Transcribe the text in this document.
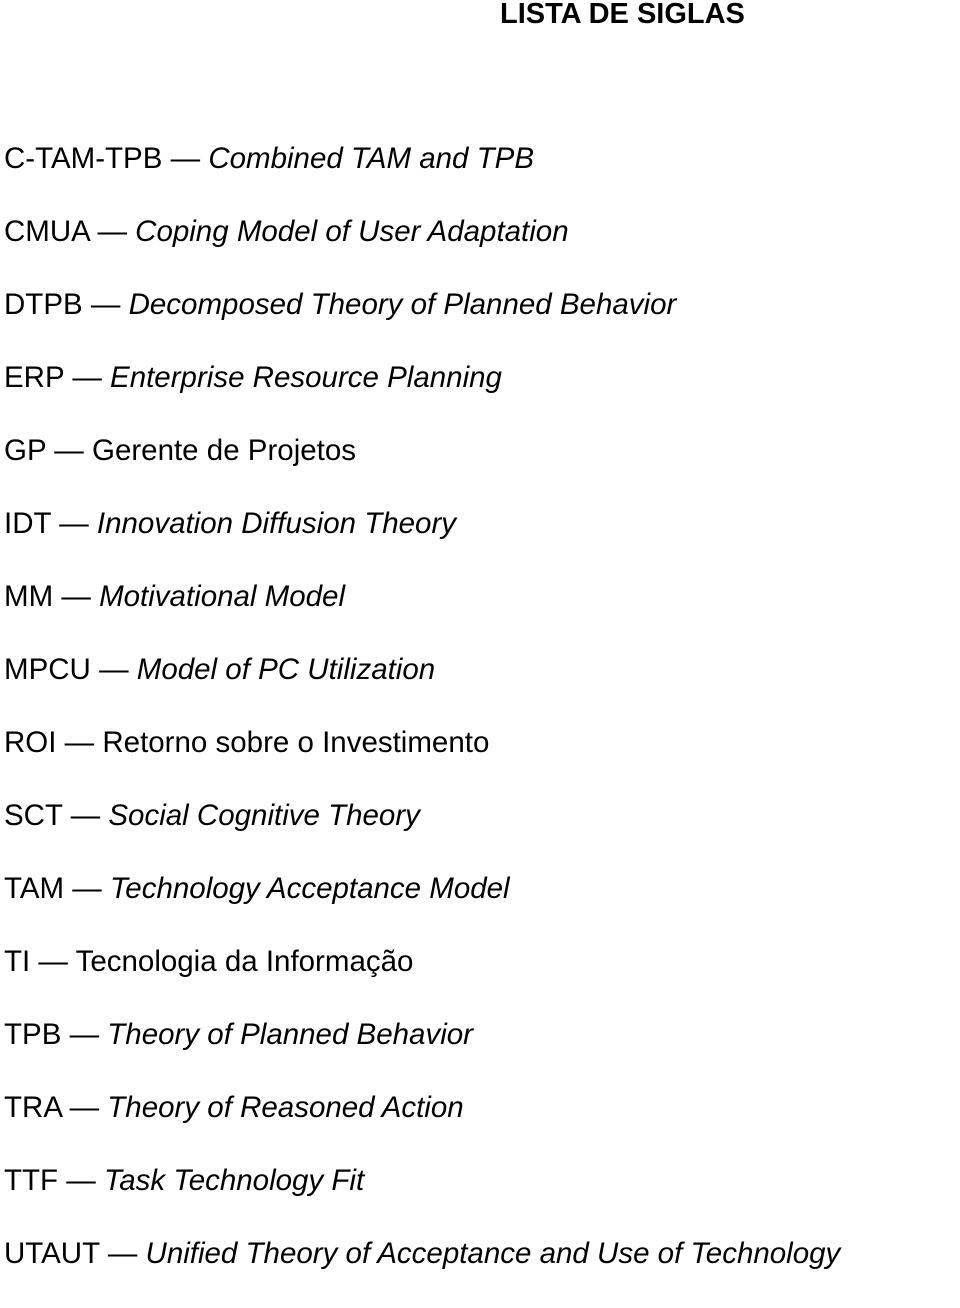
LISTA DE SIGLAS
C-TAM-TPB — Combined TAM and TPB
CMUA — Coping Model of User Adaptation
DTPB — Decomposed Theory of Planned Behavior
ERP — Enterprise Resource Planning
GP — Gerente de Projetos
IDT — Innovation Diffusion Theory
MM — Motivational Model
MPCU — Model of PC Utilization
ROI — Retorno sobre o Investimento
SCT — Social Cognitive Theory
TAM — Technology Acceptance Model
TI — Tecnologia da Informação
TPB — Theory of Planned Behavior
TRA — Theory of Reasoned Action
TTF — Task Technology Fit
UTAUT — Unified Theory of Acceptance and Use of Technology
